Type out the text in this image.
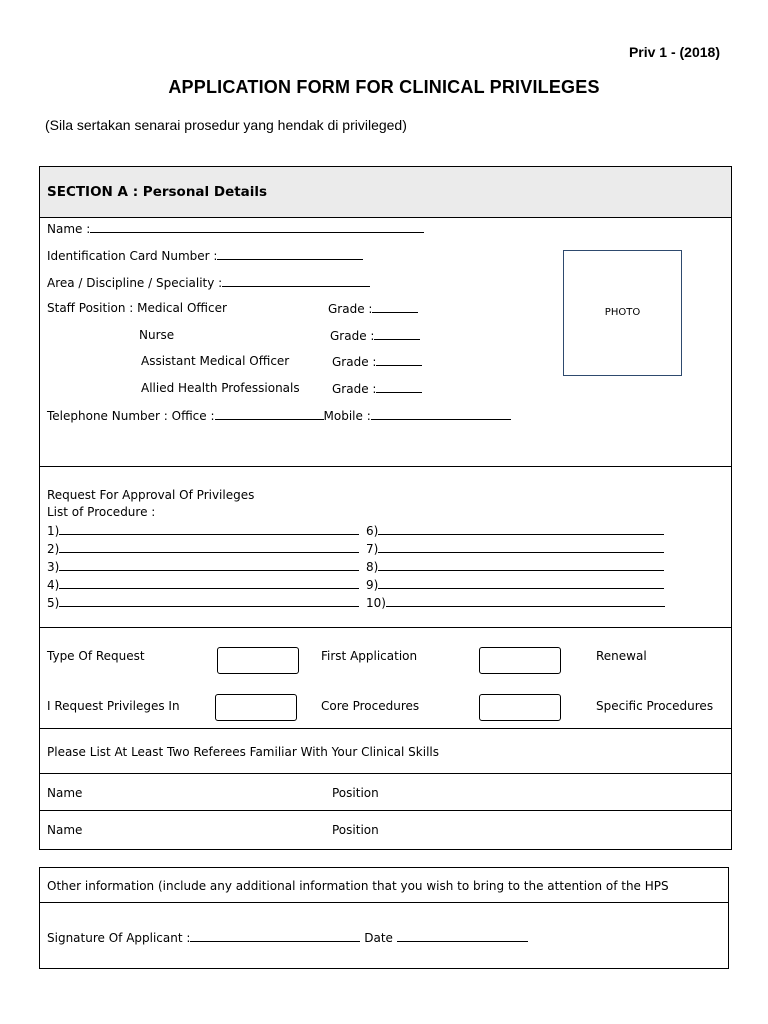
Priv 1 - (2018)
APPLICATION FORM FOR CLINICAL PRIVILEGES
(Sila sertakan senarai prosedur yang hendak di privileged)
SECTION A : Personal Details
Name :
Identification Card Number :
Area / Discipline / Speciality :
Staff Position : Medical Officer	Grade :
Nurse	Grade :
Assistant Medical Officer	Grade :
Allied Health Professionals	Grade :
Telephone Number : Office :	Mobile :
PHOTO
Request For Approval Of Privileges
List of Procedure :
1)
2)
3)
4)
5)
6)
7)
8)
9)
10)
Type Of Request	First Application	Renewal
I Request Privileges In	Core Procedures	Specific Procedures
Please List At Least Two Referees Familiar With Your Clinical Skills
Name	Position
Name	Position
Other information (include any additional information that you wish to bring to the attention of the HPS
Signature Of Applicant :	Date
